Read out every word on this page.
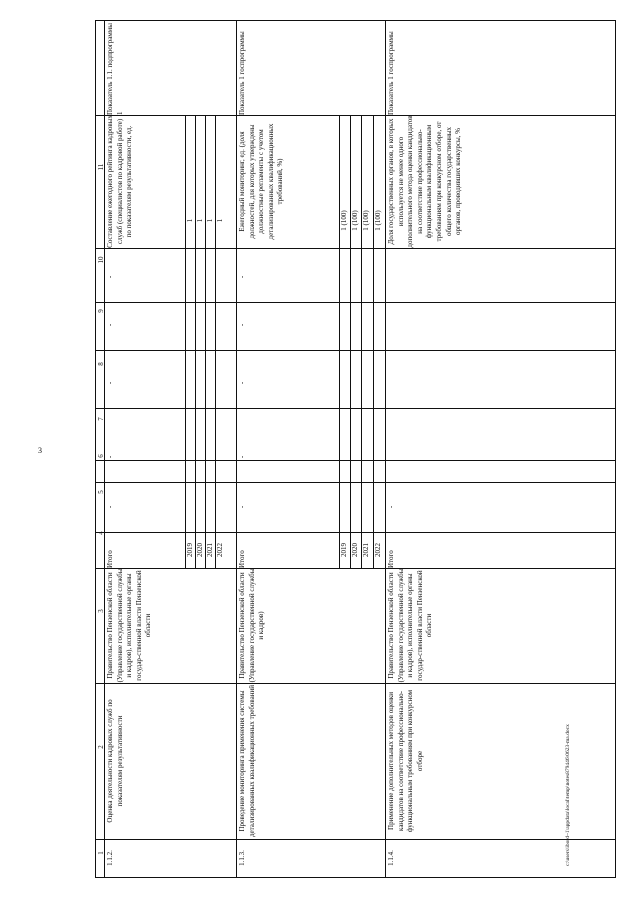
3
1
2
3
4
5
6
7
8
9
10
11
1.1.2.
Оценка деятельности кадровых служб по показателям результативности
Правительство Пензенской области (Управление государственной службы и кадров), исполнительные органы государ-ственной власти Пензенской области
Итого
2019 2020 2021 2022
-
-
-
-
-
Составление ежегодного рейтинга кадровых служб (специалистов по кадровой работе) по показателям результативности, ед.	1 1 1 1
Показатель 1.1. подпрограммы 1
1.1.3.
Проведение мониторинга применения системы детализированных квалификационных требований
Правительство Пензенской области (Управление государственной службы и кадров)
Итого
2019 2020 2021 2022
-
-
-
-
-
Ежегодный мониторинг, ед. (доля должностей, для которых утверждены должностные регламенты с учетом детализированных квалификационных требований, %)
1 (100) 1 (100) 1 (100) 1 (100)
Показатель 1 госпрограммы
1.1.4.
Применение дополнительных методов оценки кандидатов на соответствие профессионально-функциональным требованиям при конкурсном отборе
Правительство Пензенской области (Управление государственной службы и кадров), исполнительные органы государ-ственной власти Пензенской области
Итого
-
Доля государственных органов, в которых используется не менее одного дополнительного метода оценки кандидатов на соответствие профессионально-функциональным квалификационным требованиям при конкурсном отборе, от общего количества государственных органов, проводивших конкурсы, %
Показатель 1 госпрограммы
c:\users\ibord~1\appdata\local\temp\notes879446\0623-ma.docx
